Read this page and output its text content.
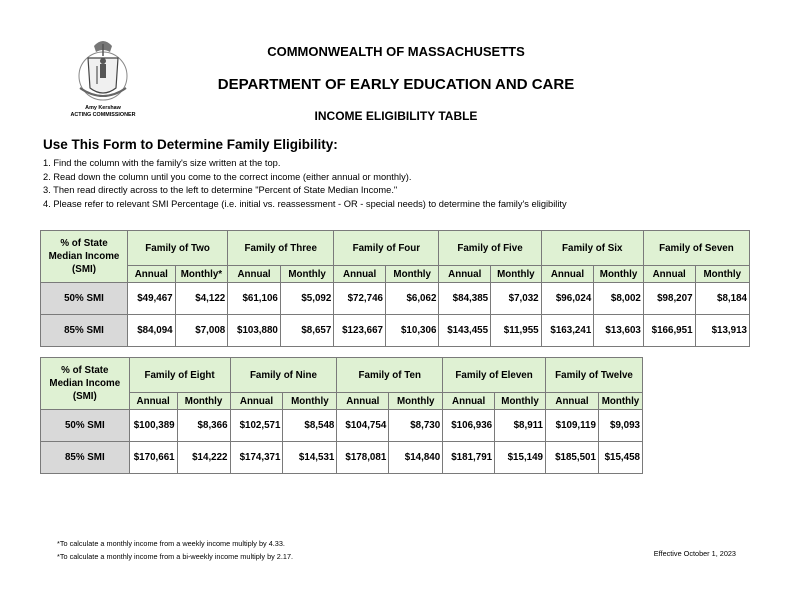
Amy Kershaw
ACTING COMMISSIONER
COMMONWEALTH OF MASSACHUSETTS
DEPARTMENT OF EARLY EDUCATION AND CARE
INCOME ELIGIBILITY TABLE
Use This Form to Determine Family Eligibility:
1. Find the column with the family's size written at the top.
2. Read down the column until you come to the correct income (either annual or monthly).
3. Then read directly across to the left to determine "Percent of State Median Income."
4. Please refer to relevant SMI Percentage (i.e. initial vs. reassessment - OR - special needs) to determine the family's eligibility
% of State
Median Income
(SMI)	Family of Two		Family of Three		Family of Four		Family of Five		Family of Six		Family of Seven	
	Annual	Monthly*	Annual	Monthly	Annual	Monthly	Annual	Monthly	Annual	Monthly	Annual	Monthly
50% SMI	$49,467	$4,122	$61,106	$5,092	$72,746	$6,062	$84,385	$7,032	$96,024	$8,002	$98,207	$8,184
85% SMI	$84,094	$7,008	$103,880	$8,657	$123,667	$10,306	$143,455	$11,955	$163,241	$13,603	$166,951	$13,913
% of State
Median Income
(SMI)	Family of Eight		Family of Nine		Family of Ten		Family of Eleven		Family of Twelve	
	Annual	Monthly	Annual	Monthly	Annual	Monthly	Annual	Monthly	Annual	Monthly
50% SMI	$100,389	$8,366	$102,571	$8,548	$104,754	$8,730	$106,936	$8,911	$109,119	$9,093
85% SMI	$170,661	$14,222	$174,371	$14,531	$178,081	$14,840	$181,791	$15,149	$185,501	$15,458
*To calculate a monthly income from a weekly income multiply by 4.33.
*To calculate a monthly income from a bi-weekly income multiply by 2.17.	Effective October 1, 2023
